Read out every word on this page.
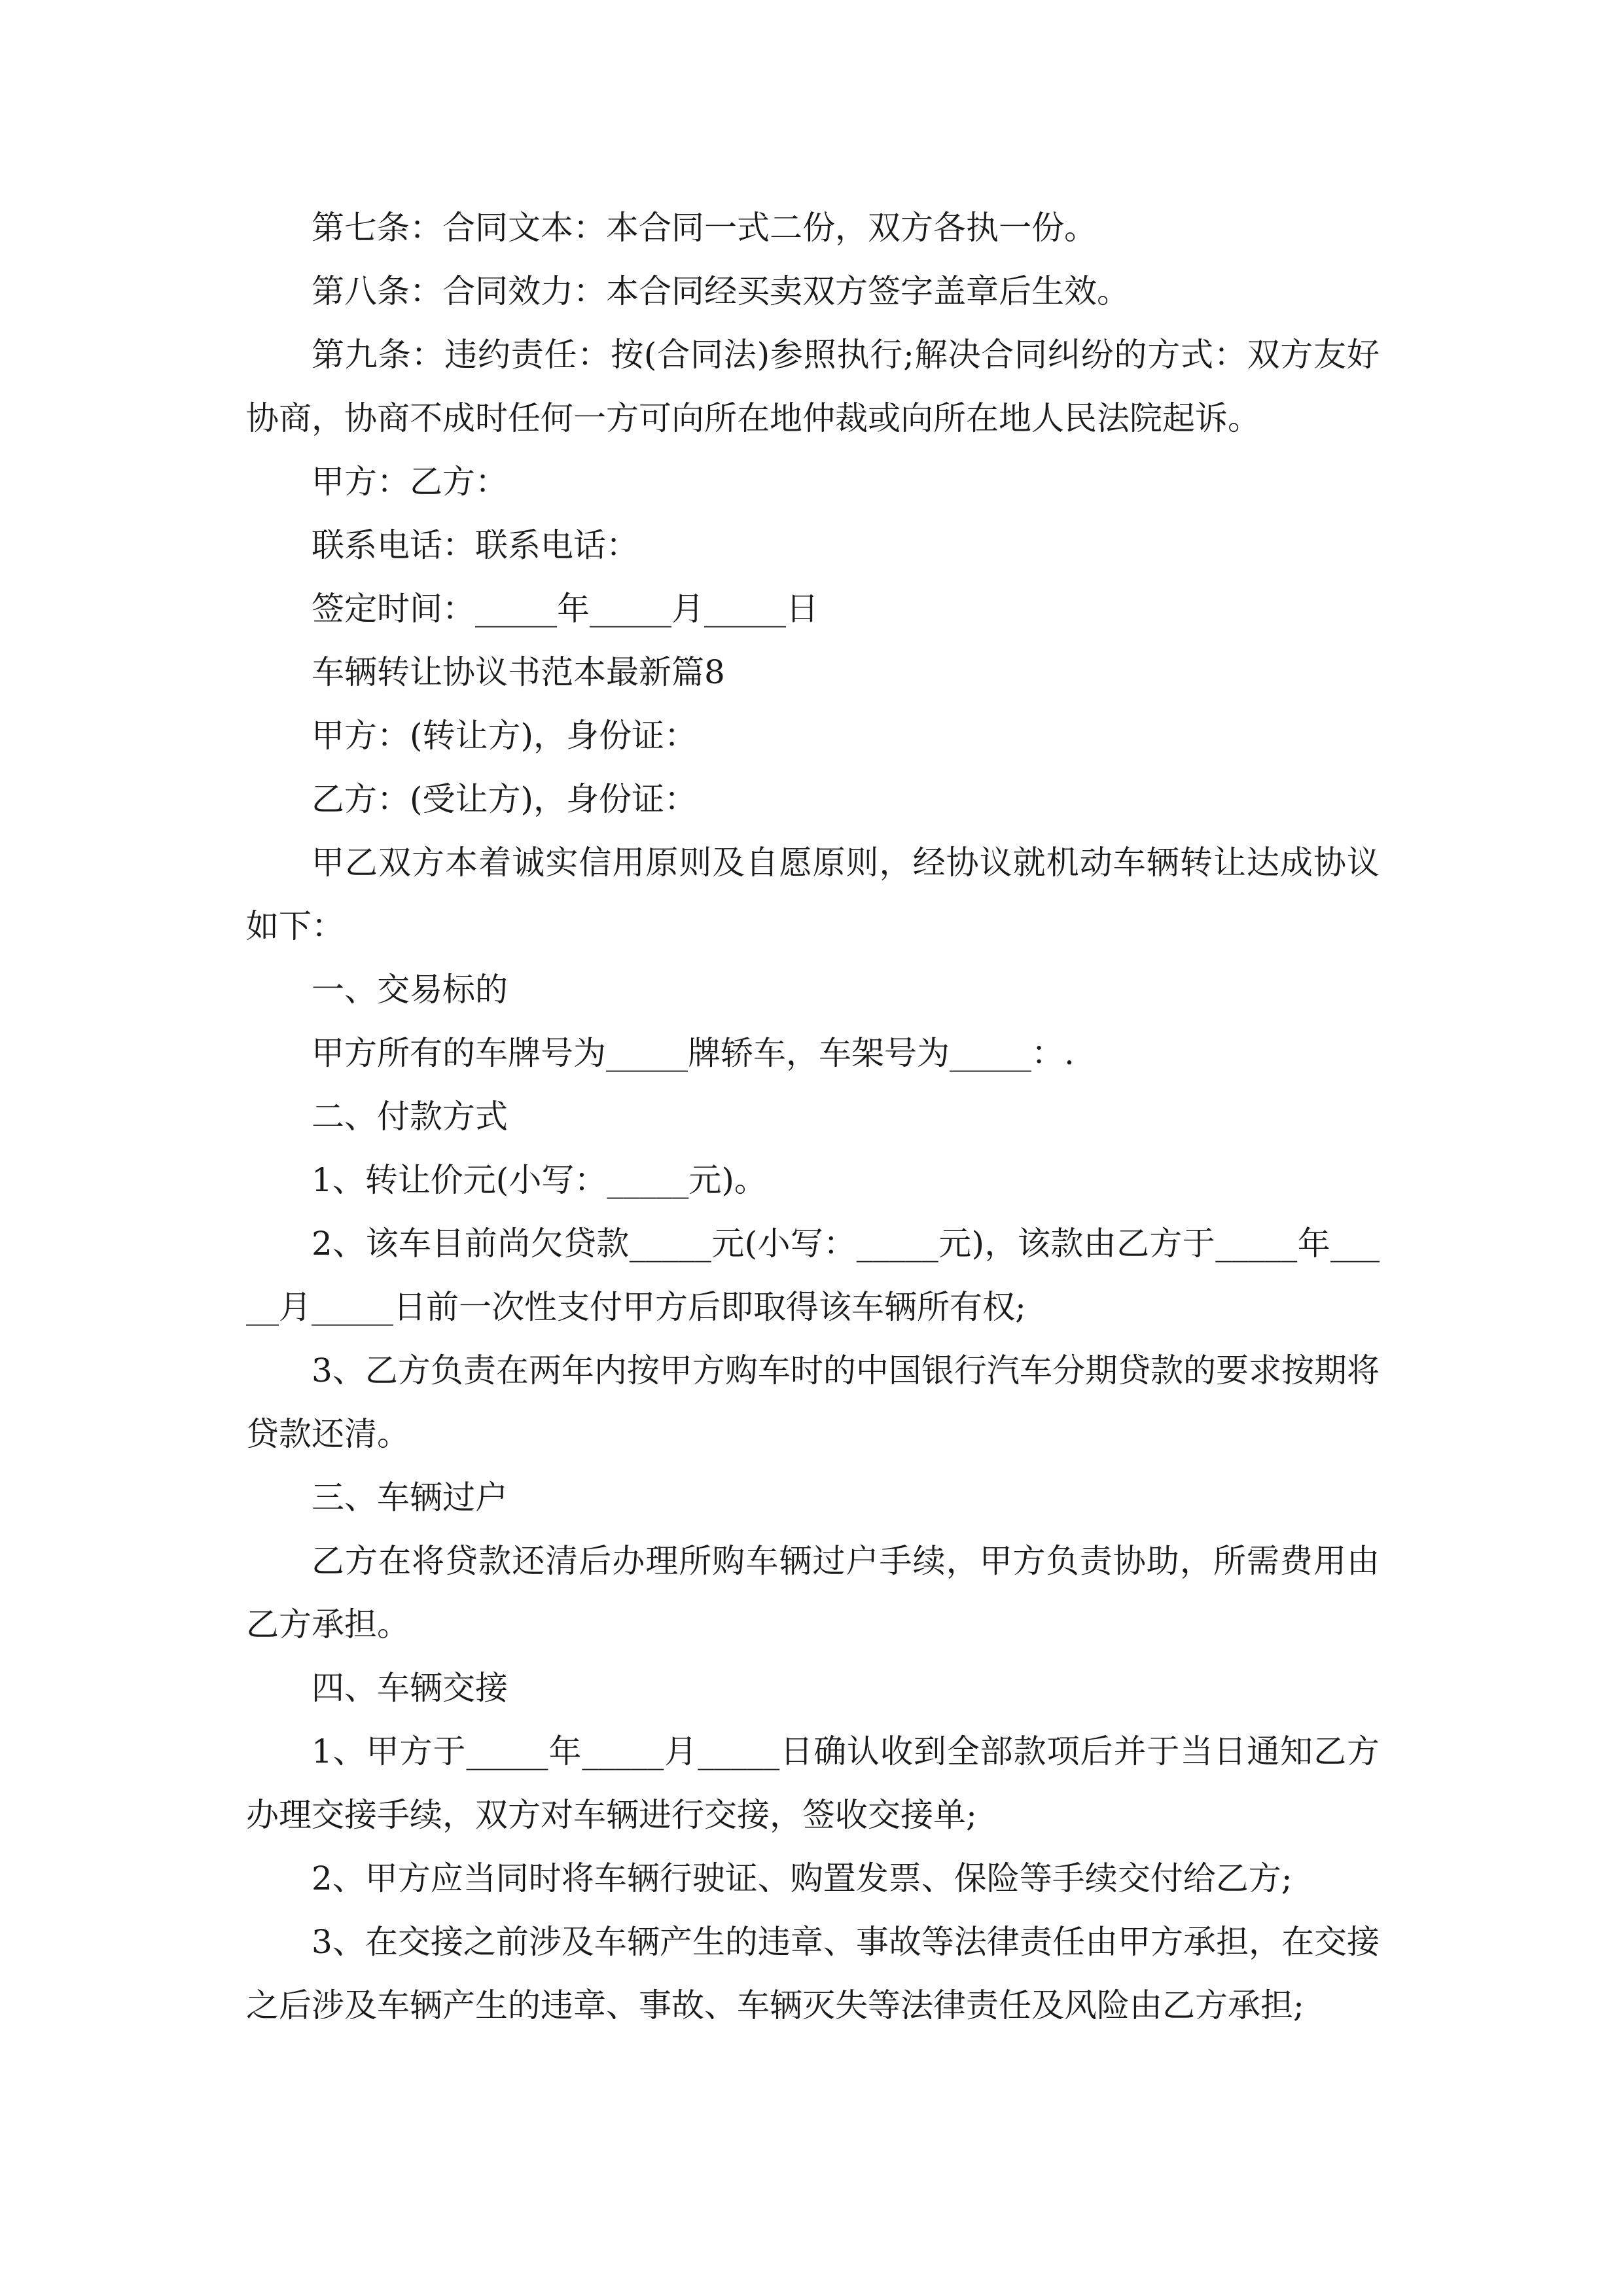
第七条：合同文本：本合同一式二份，双方各执一份。

第八条：合同效力：本合同经买卖双方签字盖章后生效。

第九条：违约责任：按(合同法)参照执行;解决合同纠纷的方式：双方友好协商，协商不成时任何一方可向所在地仲裁或向所在地人民法院起诉。

甲方：乙方：

联系电话：联系电话：

签定时间：_____年_____月_____日

车辆转让协议书范本最新篇8

甲方：(转让方)，身份证：

乙方：(受让方)，身份证：

甲乙双方本着诚实信用原则及自愿原则，经协议就机动车辆转让达成协议如下：

一、交易标的

甲方所有的车牌号为_____牌轿车，车架号为_____：.

二、付款方式

1、转让价元(小写：_____元)。

2、该车目前尚欠贷款_____元(小写：_____元)，该款由乙方于_____年_____月_____日前一次性支付甲方后即取得该车辆所有权;

3、乙方负责在两年内按甲方购车时的中国银行汽车分期贷款的要求按期将贷款还清。

三、车辆过户

乙方在将贷款还清后办理所购车辆过户手续，甲方负责协助，所需费用由乙方承担。

四、车辆交接

1、甲方于_____年_____月_____日确认收到全部款项后并于当日通知乙方办理交接手续，双方对车辆进行交接，签收交接单;

2、甲方应当同时将车辆行驶证、购置发票、保险等手续交付给乙方;

3、在交接之前涉及车辆产生的违章、事故等法律责任由甲方承担，在交接之后涉及车辆产生的违章、事故、车辆灭失等法律责任及风险由乙方承担;
